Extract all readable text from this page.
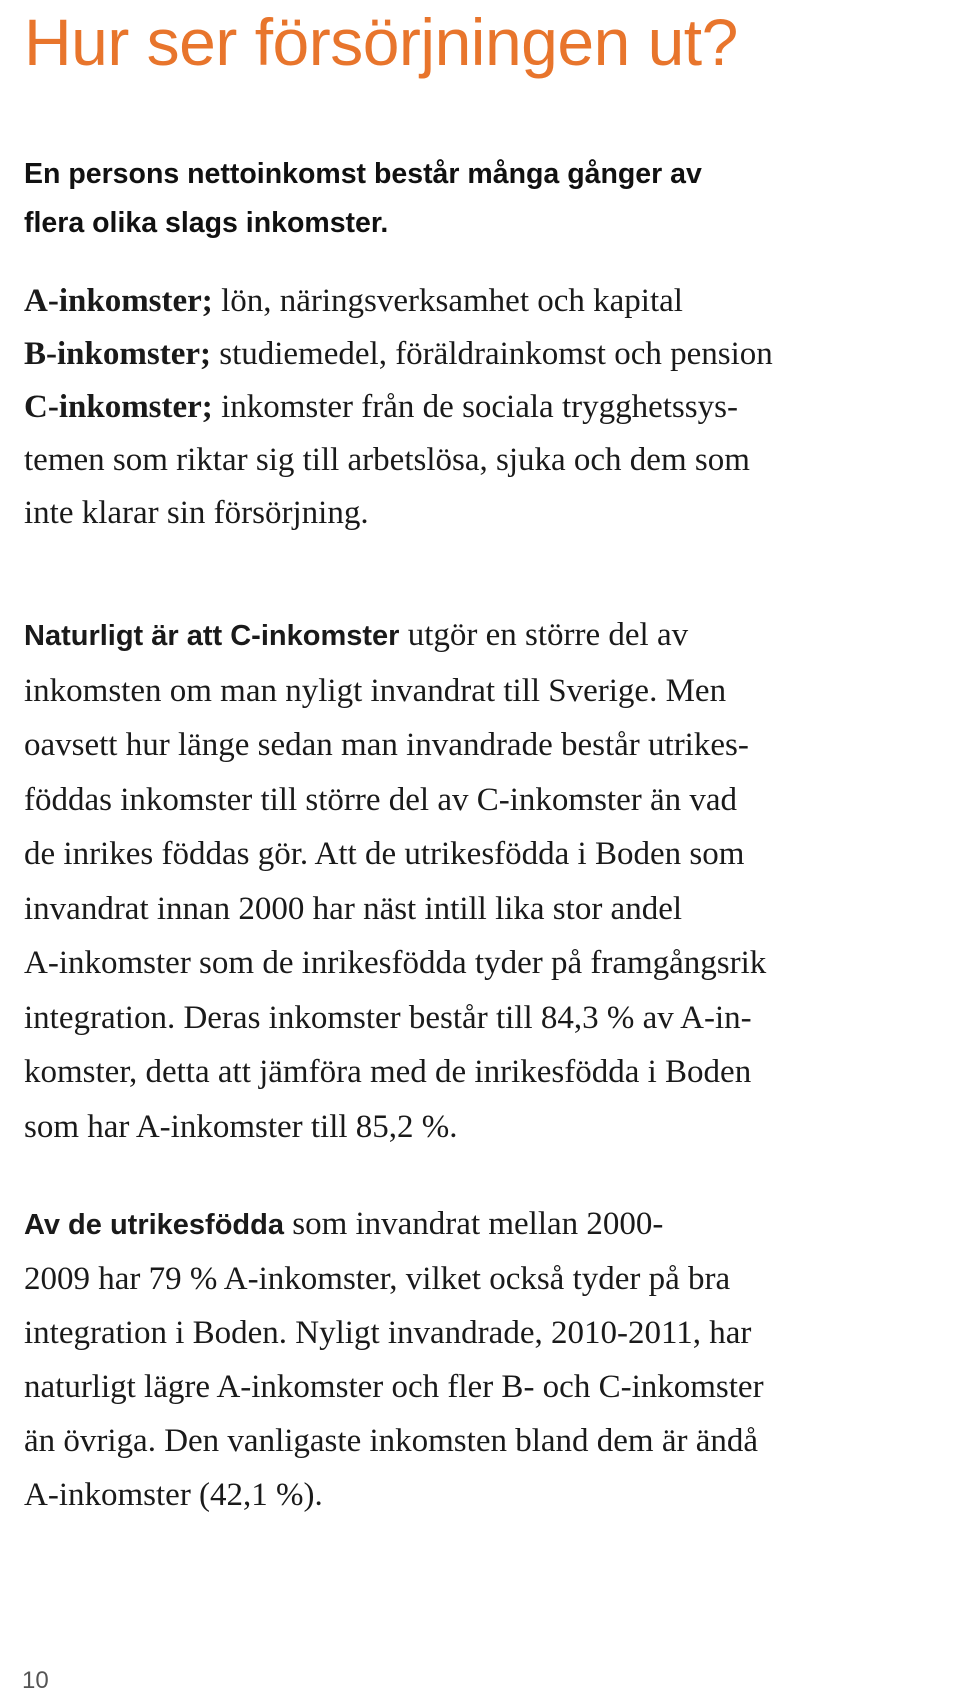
Hur ser försörjningen ut?

En persons nettoinkomst består många gånger av
flera olika slags inkomster.

A-inkomster; lön, näringsverksamhet och kapital
B-inkomster; studiemedel, föräldrainkomst och pension
C-inkomster; inkomster från de sociala trygghetssys-
temen som riktar sig till arbetslösa, sjuka och dem som
inte klarar sin försörjning.
Naturligt är att C-inkomster utgör en större del av
inkomsten om man nyligt invandrat till Sverige. Men
oavsett hur länge sedan man invandrade består utrikes-
föddas inkomster till större del av C-inkomster än vad
de inrikes föddas gör. Att de utrikesfödda i Boden som
invandrat innan 2000 har näst intill lika stor andel
A-inkomster som de inrikesfödda tyder på framgångsrik
integration. Deras inkomster består till 84,3 % av A-in-
komster, detta att jämföra med de inrikesfödda i Boden
som har A-inkomster till 85,2 %.
Av de utrikesfödda som invandrat mellan 2000-
2009 har 79 % A-inkomster, vilket också tyder på bra
integration i Boden. Nyligt invandrade, 2010-2011, har
naturligt lägre A-inkomster och fler B- och C-inkomster
än övriga. Den vanligaste inkomsten bland dem är ändå
A-inkomster (42,1 %).
10
